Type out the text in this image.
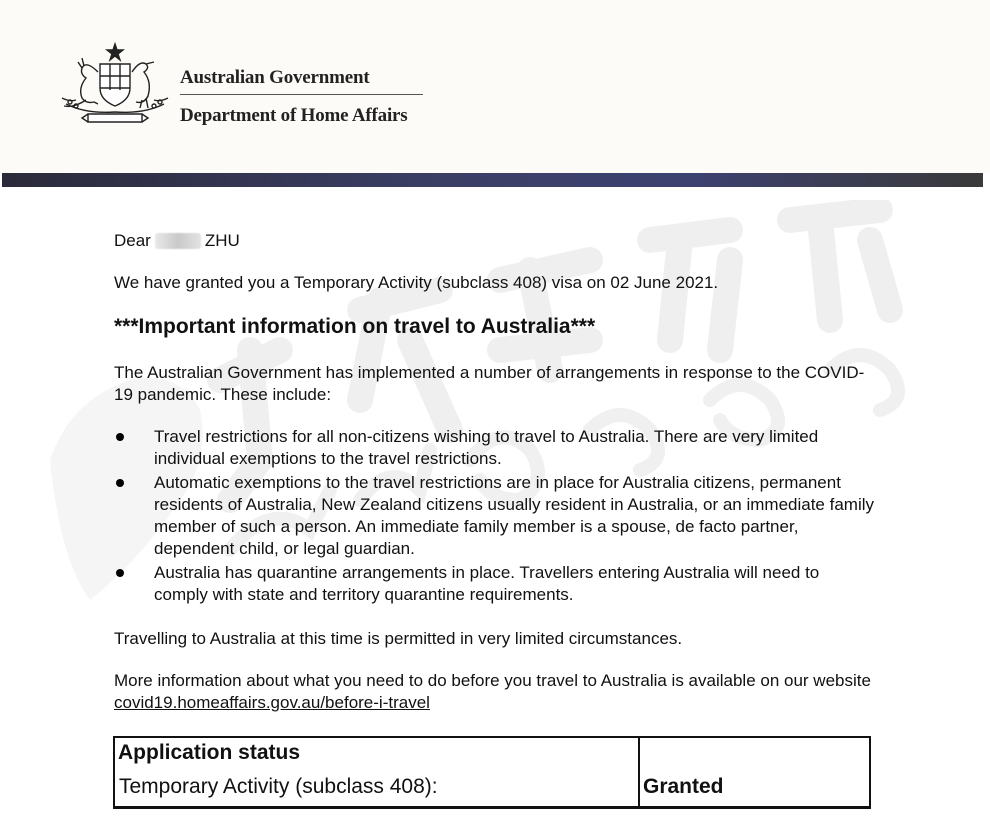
Australian Government
Department of Home Affairs

Dear	ZHU

We have granted you a Temporary Activity (subclass 408) visa on 02 June 2021.

***Important information on travel to Australia***

The Australian Government has implemented a number of arrangements in response to the COVID-19 pandemic. These include:

Travel restrictions for all non-citizens wishing to travel to Australia. There are very limited individual exemptions to the travel restrictions.
Automatic exemptions to the travel restrictions are in place for Australia citizens, permanent residents of Australia, New Zealand citizens usually resident in Australia, or an immediate family member of such a person. An immediate family member is a spouse, de facto partner, dependent child, or legal guardian.
Australia has quarantine arrangements in place. Travellers entering Australia will need to comply with state and territory quarantine requirements.

Travelling to Australia at this time is permitted in very limited circumstances.

More information about what you need to do before you travel to Australia is available on our website covid19.homeaffairs.gov.au/before-i-travel

Application status
Temporary Activity (subclass 408):	Granted
